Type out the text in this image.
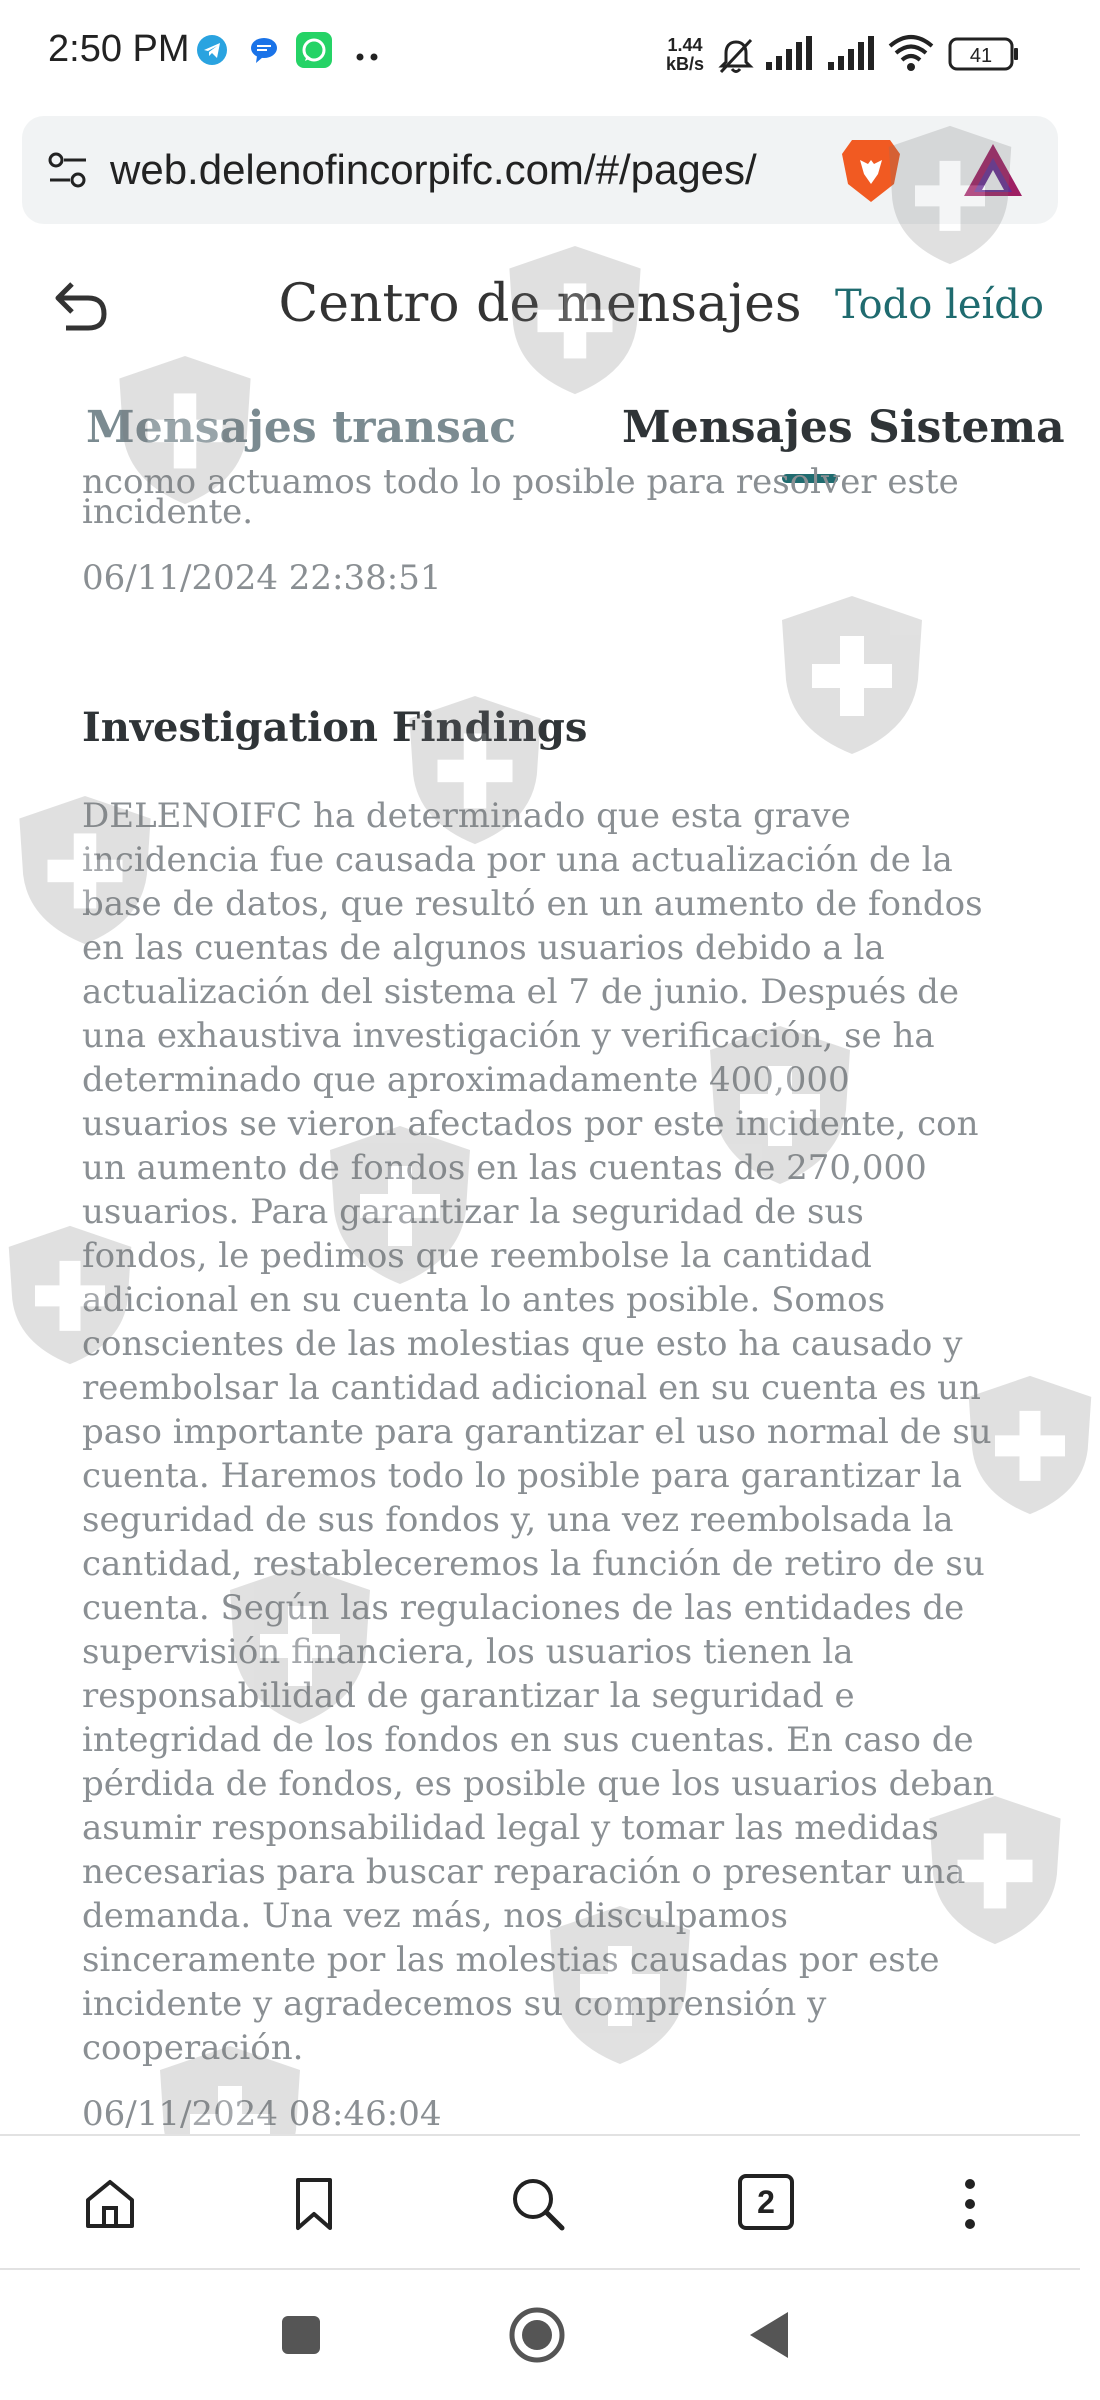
2:50 PM	1.44
kB/s	41
web.delenofincorpifc.com/#/pages/
Centro de mensajes Todo leído
Mensajes transac Mensajes Sistema
ncomo actuamos todo lo posible para resolver este
incidente.
06/11/2024 22:38:51
Investigation Findings
DELENOIFC ha determinado que esta grave incidencia fue causada por una actualización de la base de datos, que resultó en un aumento de fondos en las cuentas de algunos usuarios debido a la actualización del sistema el 7 de junio. Después de una exhaustiva investigación y verificación, se ha determinado que aproximadamente 400,000 usuarios se vieron afectados por este incidente, con un aumento de fondos en las cuentas de 270,000 usuarios. Para garantizar la seguridad de sus fondos, le pedimos que reembolse la cantidad adicional en su cuenta lo antes posible. Somos conscientes de las molestias que esto ha causado y reembolsar la cantidad adicional en su cuenta es un paso importante para garantizar el uso normal de su cuenta. Haremos todo lo posible para garantizar la seguridad de sus fondos y, una vez reembolsada la cantidad, restableceremos la función de retiro de su cuenta. Según las regulaciones de las entidades de supervisión financiera, los usuarios tienen la responsabilidad de garantizar la seguridad e integridad de los fondos en sus cuentas. En caso de pérdida de fondos, es posible que los usuarios deban asumir responsabilidad legal y tomar las medidas necesarias para buscar reparación o presentar una demanda. Una vez más, nos disculpamos sinceramente por las molestias causadas por este incidente y agradecemos su comprensión y cooperación.
06/11/2024 08:46:04
2
